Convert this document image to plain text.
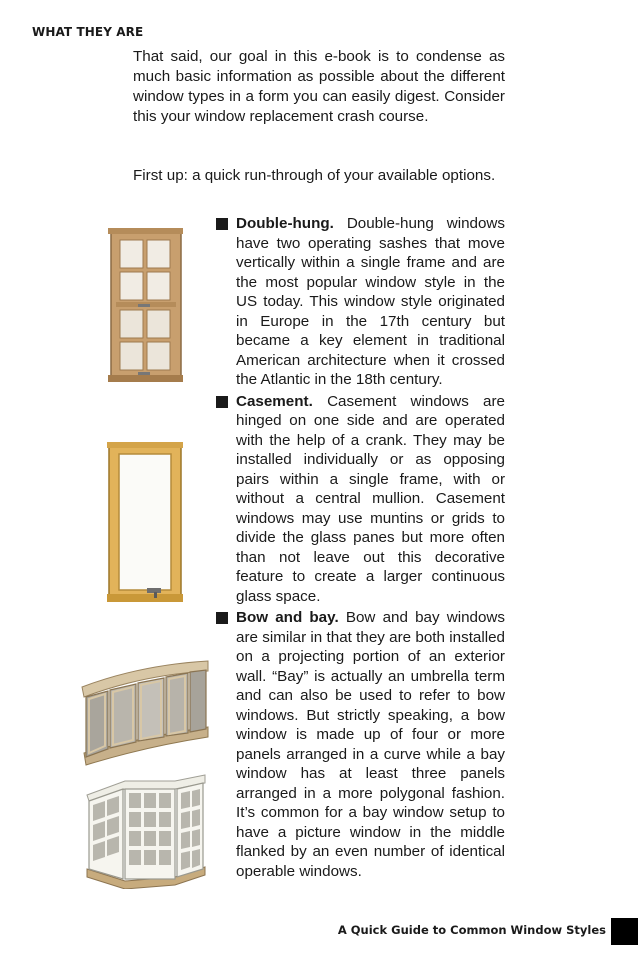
WHAT THEY ARE

That said, our goal in this e-book is to condense as much basic information as possible about the different window types in a form you can easily digest. Consider this your window replacement crash course.

First up: a quick run-through of your available options.

Double-hung. Double-hung windows have two operating sashes that move vertically within a single frame and are the most popular window style in the US today. This window style originated in Europe in the 17th century but became a key element in traditional American architecture when it crossed the Atlantic in the 18th century.
Casement. Casement windows are hinged on one side and are operated with the help of a crank. They may be installed individually or as opposing pairs within a single frame, with or without a central mullion. Casement windows may use muntins or grids to divide the glass panes but more often than not leave out this decorative feature to create a larger continuous glass space.
Bow and bay. Bow and bay windows are similar in that they are both installed on a projecting portion of an exterior wall. “Bay” is actually an umbrella term and can also be used to refer to bow windows. But strictly speaking, a bow window is made up of four or more panels arranged in a curve while a bay window has at least three panels arranged in a more polygonal fashion. It’s common for a bay window setup to have a picture window in the middle flanked by an even number of identical operable windows.
A Quick Guide to Common Window Styles
